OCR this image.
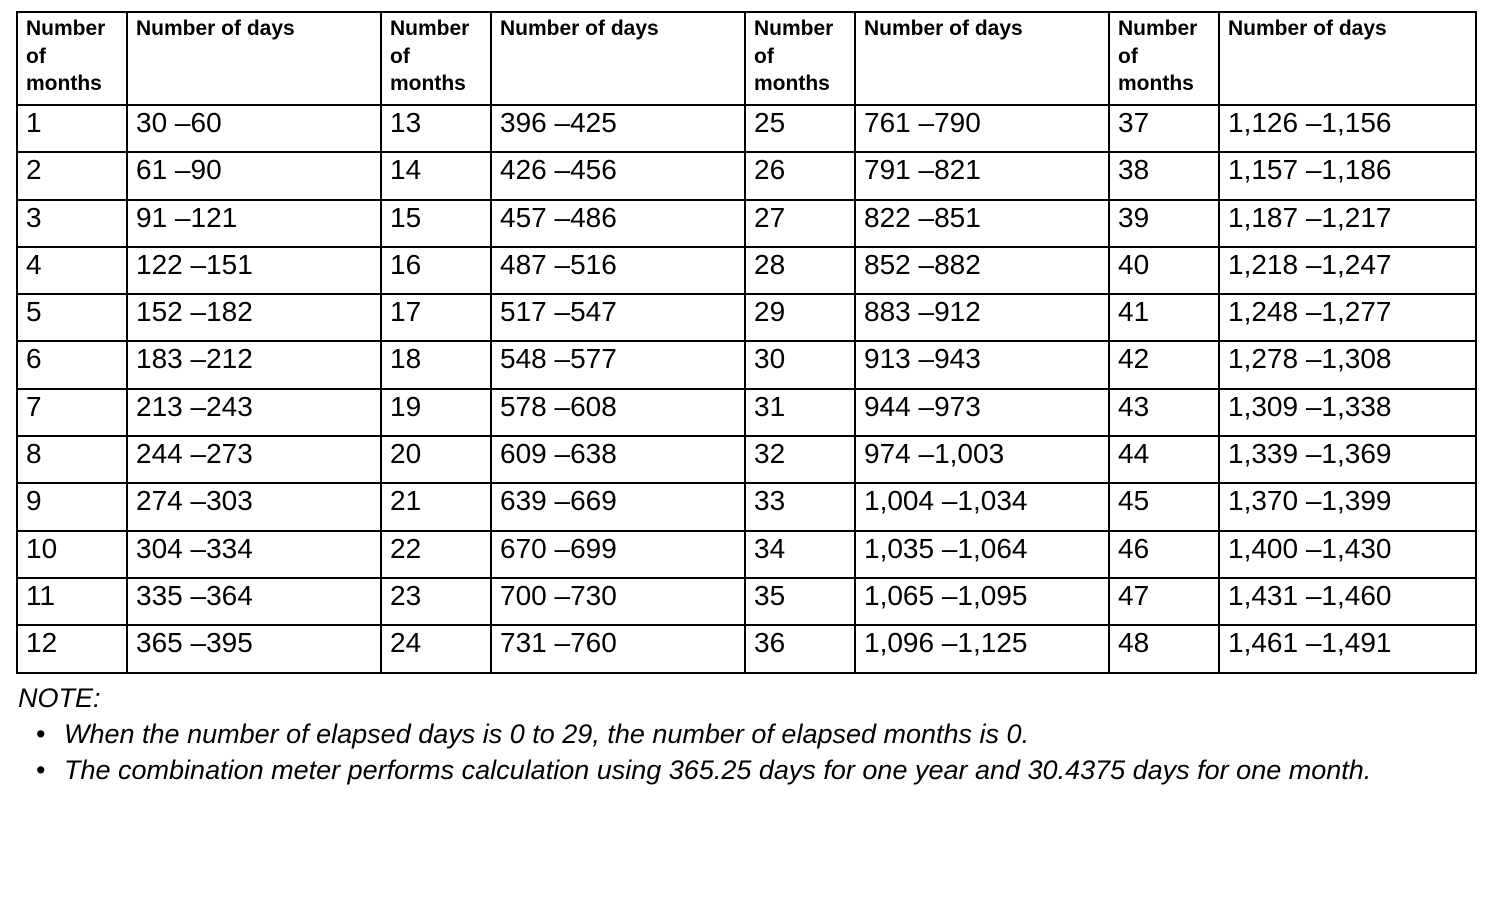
Number of months	Number of days	Number of months	Number of days	Number of months	Number of days	Number of months	Number of days
1	30 –60	13	396 –425	25	761 –790	37	1,126 –1,156
2	61 –90	14	426 –456	26	791 –821	38	1,157 –1,186
3	91 –121	15	457 –486	27	822 –851	39	1,187 –1,217
4	122 –151	16	487 –516	28	852 –882	40	1,218 –1,247
5	152 –182	17	517 –547	29	883 –912	41	1,248 –1,277
6	183 –212	18	548 –577	30	913 –943	42	1,278 –1,308
7	213 –243	19	578 –608	31	944 –973	43	1,309 –1,338
8	244 –273	20	609 –638	32	974 –1,003	44	1,339 –1,369
9	274 –303	21	639 –669	33	1,004 –1,034	45	1,370 –1,399
10	304 –334	22	670 –699	34	1,035 –1,064	46	1,400 –1,430
11	335 –364	23	700 –730	35	1,065 –1,095	47	1,431 –1,460
12	365 –395	24	731 –760	36	1,096 –1,125	48	1,461 –1,491
NOTE:
• When the number of elapsed days is 0 to 29, the number of elapsed months is 0.
• The combination meter performs calculation using 365.25 days for one year and 30.4375 days for one month.
